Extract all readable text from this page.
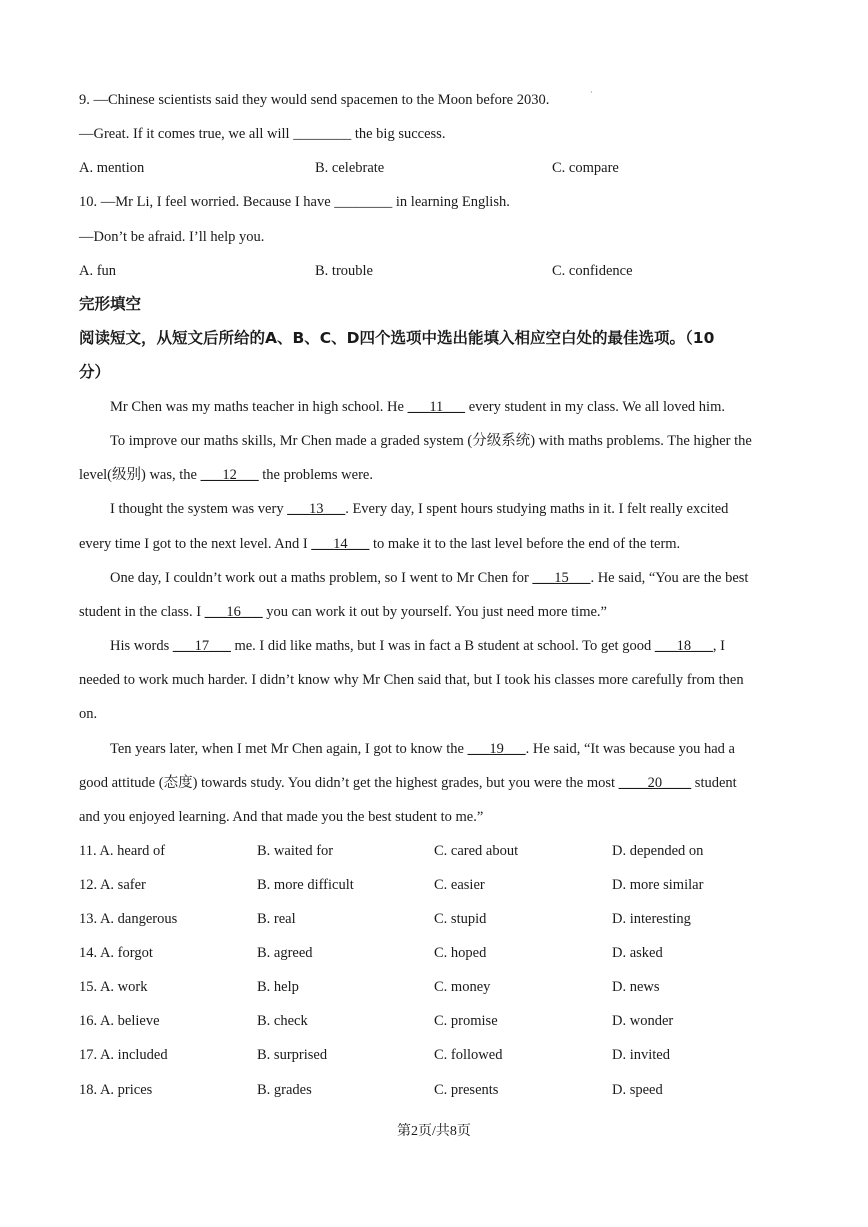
·
9. —Chinese scientists said they would send spacemen to the Moon before 2030.
—Great. If it comes true, we all will ________ the big success.
A. mention	B. celebrate	C. compare
10. —Mr Li, I feel worried. Because I have ________ in learning English.
—Don’t be afraid. I’ll help you.
A. fun	B. trouble	C. confidence
完形填空
阅读短文，从短文后所给的A、B、C、D四个选项中选出能填入相应空白处的最佳选项。（10
分）
Mr Chen was my maths teacher in high school. He ___11___ every student in my class. We all loved him.
To improve our maths skills, Mr Chen made a graded system (分级系统) with maths problems. The higher the
level(级别) was, the ___12___ the problems were.
I thought the system was very ___13___. Every day, I spent hours studying maths in it. I felt really excited
every time I got to the next level. And I ___14___ to make it to the last level before the end of the term.
One day, I couldn’t work out a maths problem, so I went to Mr Chen for ___15___. He said, “You are the best
student in the class. I ___16___ you can work it out by yourself. You just need more time.”
His words ___17___ me. I did like maths, but I was in fact a B student at school. To get good ___18___, I
needed to work much harder. I didn’t know why Mr Chen said that, but I took his classes more carefully from then
on.
Ten years later, when I met Mr Chen again, I got to know the ___19___. He said, “It was because you had a
good attitude (态度) towards study. You didn’t get the highest grades, but you were the most ____20____ student
and you enjoyed learning. And that made you the best student to me.”
11. A. heard of	B. waited for	C. cared about	D. depended on
12. A. safer	B. more difficult	C. easier	D. more similar
13. A. dangerous	B. real	C. stupid	D. interesting
14. A. forgot	B. agreed	C. hoped	D. asked
15. A. work	B. help	C. money	D. news
16. A. believe	B. check	C. promise	D. wonder
17. A. included	B. surprised	C. followed	D. invited
18. A. prices	B. grades	C. presents	D. speed
第2页/共8页
